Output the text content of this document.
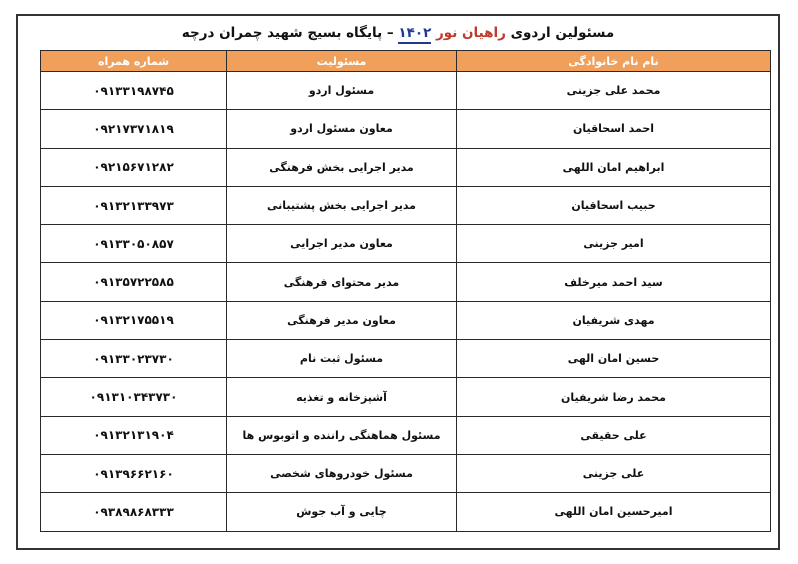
مسئولین اردوی راهیان نور ۱۴۰۲ – پایگاه بسیج شهید چمران درچه
نام نام خانوادگی	مسئولیت	شماره همراه
محمد علی جزینی	مسئول اردو	۰۹۱۳۳۱۹۸۷۴۵
احمد اسحاقیان	معاون مسئول اردو	۰۹۲۱۷۳۷۱۸۱۹
ابراهیم امان اللهی	مدیر اجرایی بخش فرهنگی	۰۹۲۱۵۶۷۱۲۸۲
حبیب اسحاقیان	مدیر اجرایی بخش پشتیبانی	۰۹۱۳۲۱۳۳۹۷۳
امیر جزینی	معاون مدیر اجرایی	۰۹۱۳۳۰۵۰۸۵۷
سید احمد میرخلف	مدیر محتوای فرهنگی	۰۹۱۳۵۷۲۲۵۸۵
مهدی شریفیان	معاون مدیر فرهنگی	۰۹۱۳۲۱۷۵۵۱۹
حسین امان الهی	مسئول ثبت نام	۰۹۱۳۳۰۲۳۷۳۰
محمد رضا شریفیان	آشپزخانه و تغذیه	۰۹۱۳۱۰۳۴۳۷۳۰
علی حقیقی	مسئول هماهنگی راننده و اتوبوس ها	۰۹۱۳۲۱۳۱۹۰۴
علی جزینی	مسئول خودروهای شخصی	۰۹۱۳۹۶۶۲۱۶۰
امیرحسین امان اللهی	چایی و آب جوش	۰۹۳۸۹۸۶۸۳۳۳
